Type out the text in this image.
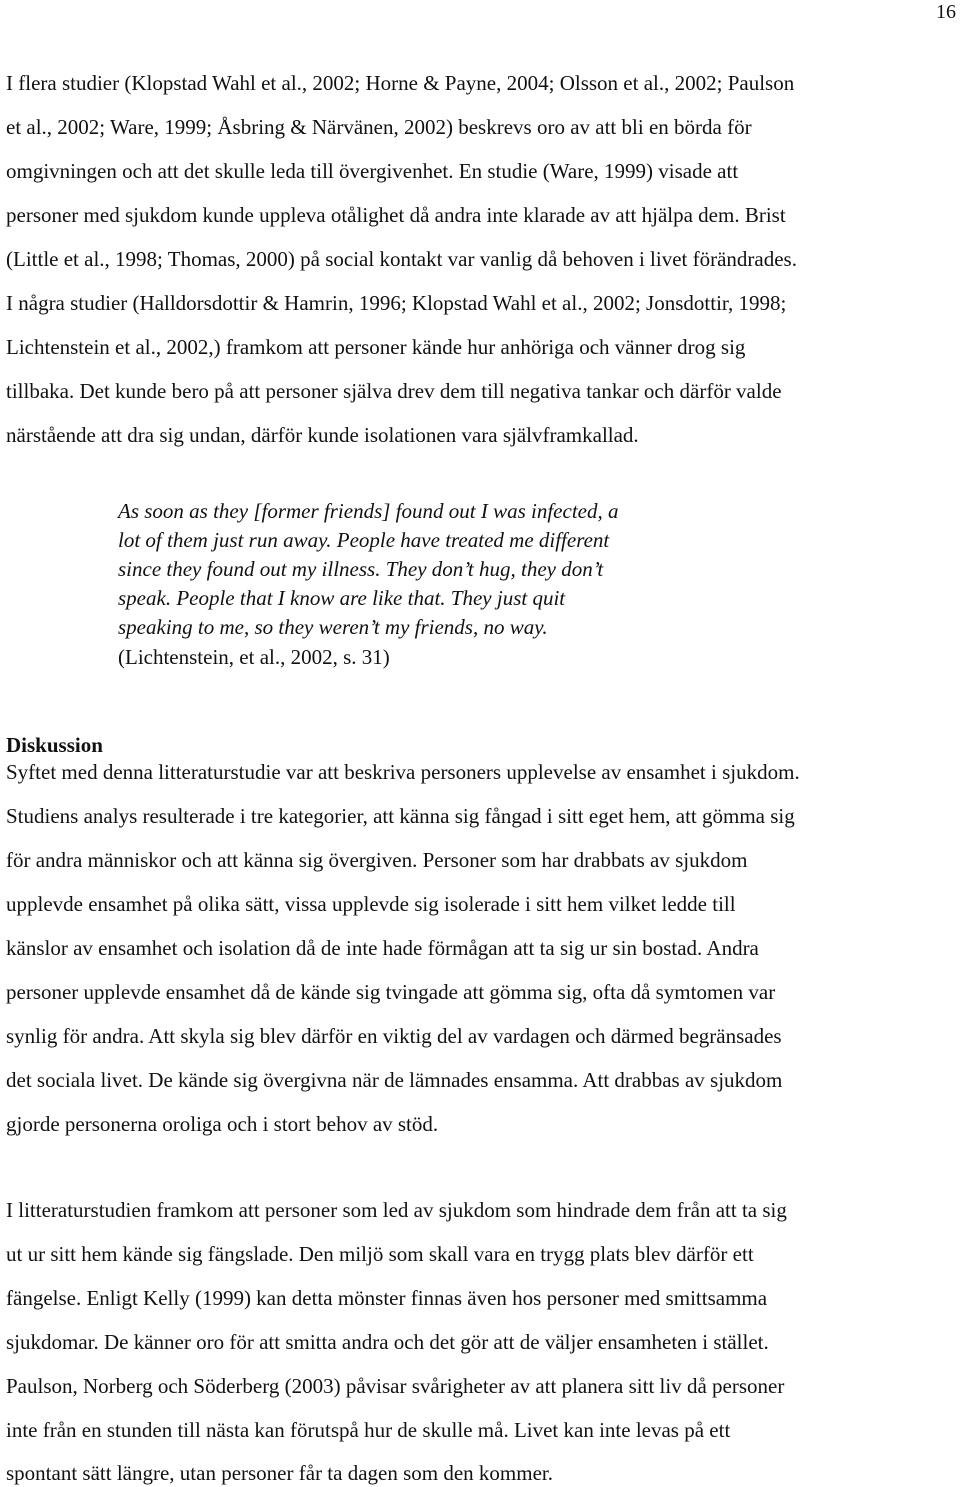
16
I flera studier (Klopstad Wahl et al., 2002; Horne & Payne, 2004; Olsson et al., 2002; Paulson
et al., 2002; Ware, 1999; Åsbring & Närvänen, 2002) beskrevs oro av att bli en börda för
omgivningen och att det skulle leda till övergivenhet. En studie (Ware, 1999) visade att
personer med sjukdom kunde uppleva otålighet då andra inte klarade av att hjälpa dem. Brist
(Little et al., 1998; Thomas, 2000) på social kontakt var vanlig då behoven i livet förändrades.
I några studier (Halldorsdottir & Hamrin, 1996; Klopstad Wahl et al., 2002; Jonsdottir, 1998;
Lichtenstein et al., 2002,) framkom att personer kände hur anhöriga och vänner drog sig
tillbaka. Det kunde bero på att personer själva drev dem till negativa tankar och därför valde
närstående att dra sig undan, därför kunde isolationen vara självframkallad.
As soon as they [former friends] found out I was infected, a
lot of them just run away. People have treated me different
since they found out my illness. They don’t hug, they don’t
speak. People that I know are like that. They just quit
speaking to me, so they weren’t my friends, no way.
(Lichtenstein, et al., 2002, s. 31)
Diskussion
Syftet med denna litteraturstudie var att beskriva personers upplevelse av ensamhet i sjukdom.
Studiens analys resulterade i tre kategorier, att känna sig fångad i sitt eget hem, att gömma sig
för andra människor och att känna sig övergiven. Personer som har drabbats av sjukdom
upplevde ensamhet på olika sätt, vissa upplevde sig isolerade i sitt hem vilket ledde till
känslor av ensamhet och isolation då de inte hade förmågan att ta sig ur sin bostad. Andra
personer upplevde ensamhet då de kände sig tvingade att gömma sig, ofta då symtomen var
synlig för andra. Att skyla sig blev därför en viktig del av vardagen och därmed begränsades
det sociala livet. De kände sig övergivna när de lämnades ensamma. Att drabbas av sjukdom
gjorde personerna oroliga och i stort behov av stöd.
I litteraturstudien framkom att personer som led av sjukdom som hindrade dem från att ta sig
ut ur sitt hem kände sig fängslade. Den miljö som skall vara en trygg plats blev därför ett
fängelse. Enligt Kelly (1999) kan detta mönster finnas även hos personer med smittsamma
sjukdomar. De känner oro för att smitta andra och det gör att de väljer ensamheten i stället.
Paulson, Norberg och Söderberg (2003) påvisar svårigheter av att planera sitt liv då personer
inte från en stunden till nästa kan förutspå hur de skulle må. Livet kan inte levas på ett
spontant sätt längre, utan personer får ta dagen som den kommer.
